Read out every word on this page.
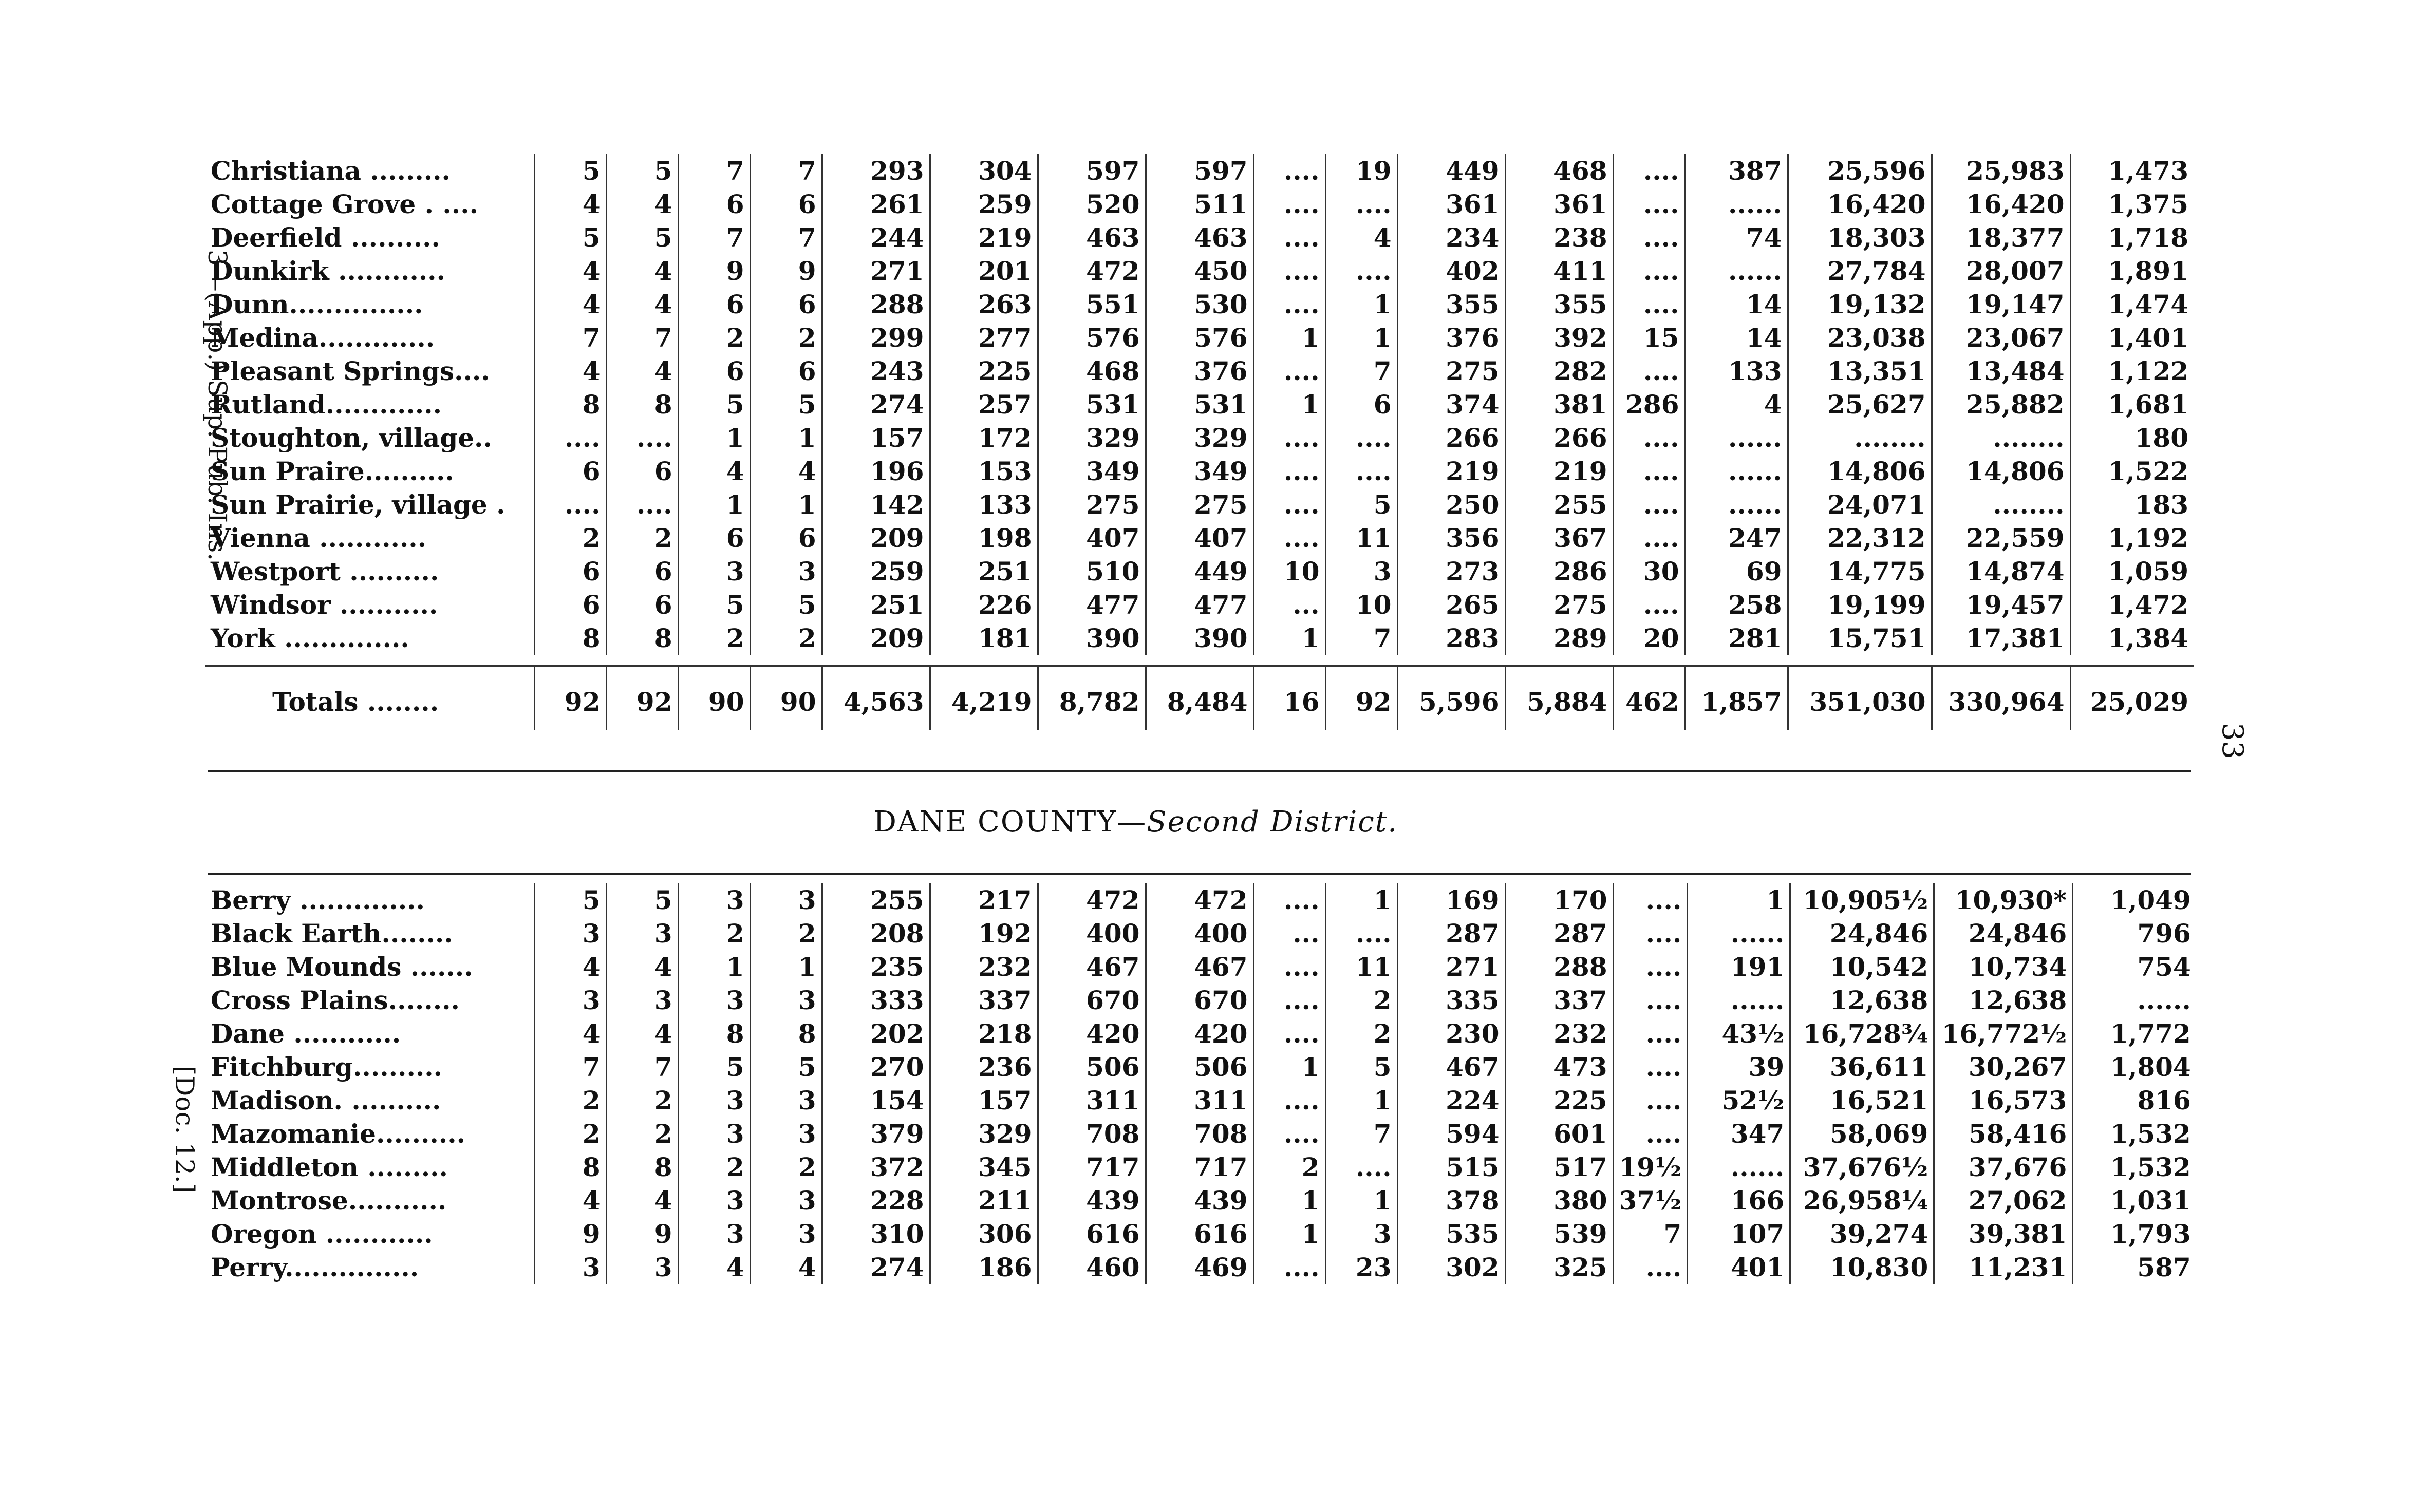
3—(App.) Sup. Pub. Ins.
[Doc. 12.]
33
Christiana .........	5	5	7	7	293	304	597	597	....	19	449	468	....	387	25,596	25,983	1,473
Cottage Grove . ....	4	4	6	6	261	259	520	511	....	....	361	361	....	......	16,420	16,420	1,375
Deerfield ..........	5	5	7	7	244	219	463	463	....	4	234	238	....	74	18,303	18,377	1,718
Dunkirk ............	4	4	9	9	271	201	472	450	....	....	402	411	....	......	27,784	28,007	1,891
Dunn...............	4	4	6	6	288	263	551	530	....	1	355	355	....	14	19,132	19,147	1,474
Medina.............	7	7	2	2	299	277	576	576	1	1	376	392	15	14	23,038	23,067	1,401
Pleasant Springs....	4	4	6	6	243	225	468	376	....	7	275	282	....	133	13,351	13,484	1,122
Rutland.............	8	8	5	5	274	257	531	531	1	6	374	381	286	4	25,627	25,882	1,681
Stoughton, village..	....	....	1	1	157	172	329	329	....	....	266	266	....	......	........	........	180
Sun Praire..........	6	6	4	4	196	153	349	349	....	....	219	219	....	......	14,806	14,806	1,522
Sun Prairie, village .	....	....	1	1	142	133	275	275	....	5	250	255	....	......	24,071	........	183
Vienna ............	2	2	6	6	209	198	407	407	....	11	356	367	....	247	22,312	22,559	1,192
Westport ..........	6	6	3	3	259	251	510	449	10	3	273	286	30	69	14,775	14,874	1,059
Windsor ...........	6	6	5	5	251	226	477	477	...	10	265	275	....	258	19,199	19,457	1,472
York ..............	8	8	2	2	209	181	390	390	1	7	283	289	20	281	15,751	17,381	1,384

Totals ........	92	92	90	90	4,563	4,219	8,782	8,484	16	92	5,596	5,884	462	1,857	351,030	330,964	25,029
DANE COUNTY—Second District.
Berry ..............	5	5	3	3	255	217	472	472	....	1	169	170	....	1	10,905½	10,930*	1,049
Black Earth........	3	3	2	2	208	192	400	400	...	....	287	287	....	......	24,846	24,846	796
Blue Mounds .......	4	4	1	1	235	232	467	467	....	11	271	288	....	191	10,542	10,734	754
Cross Plains........	3	3	3	3	333	337	670	670	....	2	335	337	....	......	12,638	12,638	......
Dane ............	4	4	8	8	202	218	420	420	....	2	230	232	....	43½	16,728¾	16,772½	1,772
Fitchburg..........	7	7	5	5	270	236	506	506	1	5	467	473	....	39	36,611	30,267	1,804
Madison. ..........	2	2	3	3	154	157	311	311	....	1	224	225	....	52½	16,521	16,573	816
Mazomanie..........	2	2	3	3	379	329	708	708	....	7	594	601	....	347	58,069	58,416	1,532
Middleton .........	8	8	2	2	372	345	717	717	2	....	515	517	19½	......	37,676½	37,676	1,532
Montrose...........	4	4	3	3	228	211	439	439	1	1	378	380	37½	166	26,958¼	27,062	1,031
Oregon ............	9	9	3	3	310	306	616	616	1	3	535	539	7	107	39,274	39,381	1,793
Perry...............	3	3	4	4	274	186	460	469	....	23	302	325	....	401	10,830	11,231	587
